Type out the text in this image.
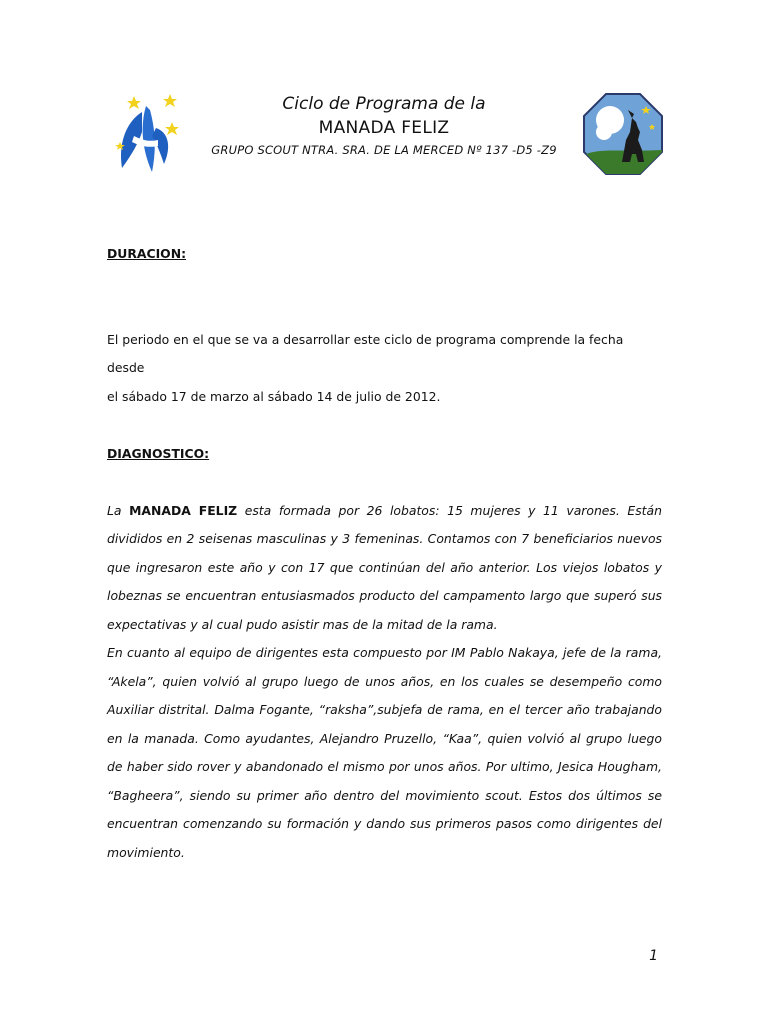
Ciclo de Programa de la

MANADA FELIZ

GRUPO SCOUT NTRA. SRA. DE LA MERCED Nº 137 -D5 -Z9

DURACION:

El periodo en el que se va a desarrollar este ciclo de programa comprende la fecha desde

el sábado 17 de marzo al sábado 14 de julio de 2012.

DIAGNOSTICO:

La MANADA FELIZ esta formada por 26 lobatos: 15 mujeres y 11 varones. Están divididos en 2 seisenas masculinas y 3 femeninas. Contamos con 7 beneficiarios nuevos que ingresaron este año y con 17 que continúan del año anterior. Los viejos lobatos y lobeznas se encuentran entusiasmados producto del campamento largo que superó sus expectativas y al cual pudo asistir mas de la mitad de la rama.

En cuanto al equipo de dirigentes esta compuesto por IM Pablo Nakaya, jefe de la rama, “Akela”, quien volvió al grupo luego de unos años, en los cuales se desempeño como Auxiliar distrital. Dalma Fogante, “raksha”,subjefa de rama, en el tercer año trabajando en la manada. Como ayudantes, Alejandro Pruzello, “Kaa”, quien volvió al grupo luego de haber sido rover y abandonado el mismo por unos años. Por ultimo, Jesica Hougham, “Bagheera”, siendo su primer año dentro del movimiento scout. Estos dos últimos se encuentran comenzando su formación y dando sus primeros pasos como dirigentes del movimiento.

1
